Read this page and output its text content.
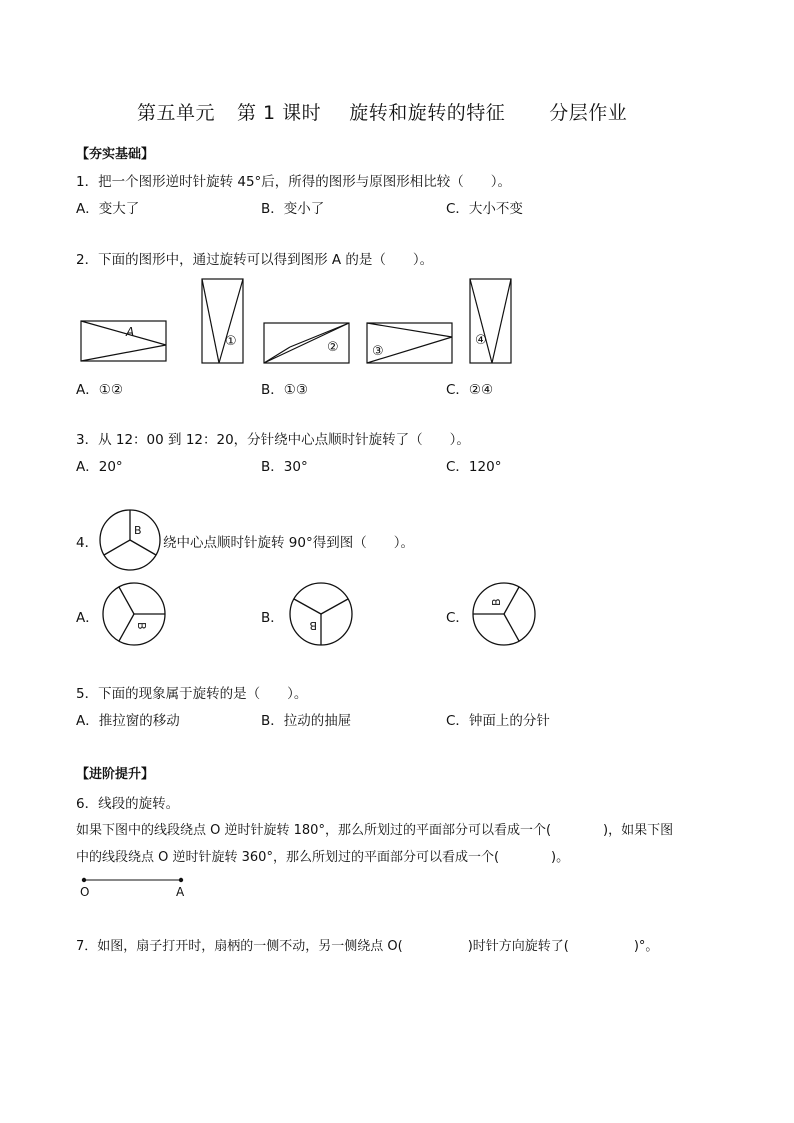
第五单元 第 1 课时 旋转和旋转的特征 分层作业
【夯实基础】
1．把一个图形逆时针旋转 45°后，所得的图形与原图形相比较（　　）。
A．变大了	B．变小了	C．大小不变
2．下面的图形中，通过旋转可以得到图形 A 的是（　　）。
A
①	②	③
④
A．①②	B．①③	C．②④
3．从 12：00 到 12：20，分针绕中心点顺时针旋转了（　　）。
A．20°	B．30°	C．120°
4．	绕中心点顺时针旋转 90°得到图（　　）。
B
B	B
B
A．	B．	C．
5．下面的现象属于旋转的是（　　）。
A．推拉窗的移动	B．拉动的抽屉	C．钟面上的分针
【进阶提升】
6．线段的旋转。
如果下图中的线段绕点 O 逆时针旋转 180°，那么所划过的平面部分可以看成一个(　　　　)，如果下图
中的线段绕点 O 逆时针旋转 360°，那么所划过的平面部分可以看成一个(　　　　)。
O	A
7．如图，扇子打开时，扇柄的一侧不动，另一侧绕点 O(　　　　　)时针方向旋转了(　　　　　)°。
